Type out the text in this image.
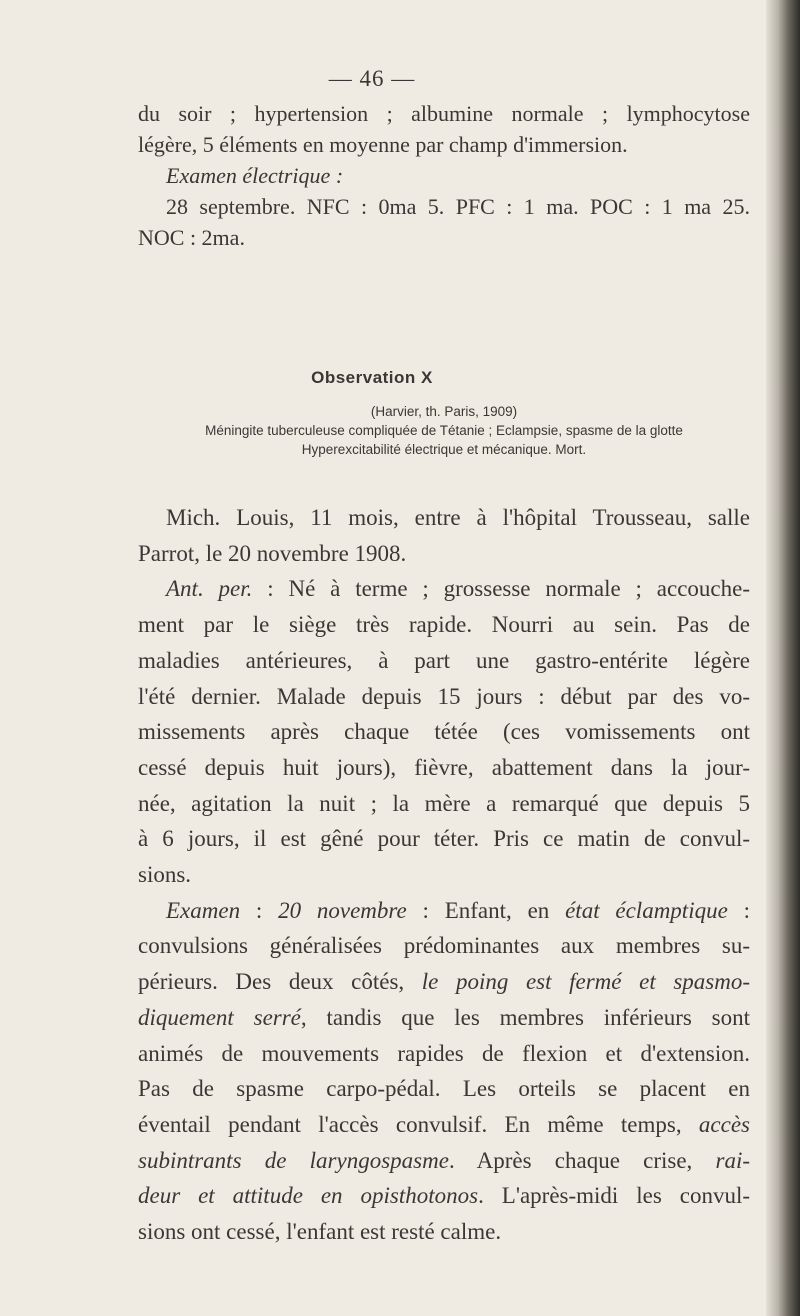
— 46 —
du soir ; hypertension ; albumine normale ; lymphocytose
légère, 5 éléments en moyenne par champ d'immersion.
Examen électrique :
28 septembre. NFC : 0ma 5. PFC : 1 ma. POC : 1 ma 25.
NOC : 2ma.
Observation X
(Harvier, th. Paris, 1909)
Méningite tuberculeuse compliquée de Tétanie ; Eclampsie, spasme de la glotte
Hyperexcitabilité électrique et mécanique. Mort.
Mich. Louis, 11 mois, entre à l'hôpital Trousseau, salle
Parrot, le 20 novembre 1908.
Ant. per. : Né à terme ; grossesse normale ; accouche-
ment par le siège très rapide. Nourri au sein. Pas de
maladies antérieures, à part une gastro-entérite légère
l'été dernier. Malade depuis 15 jours : début par des vo-
missements après chaque tétée (ces vomissements ont
cessé depuis huit jours), fièvre, abattement dans la jour-
née, agitation la nuit ; la mère a remarqué que depuis 5
à 6 jours, il est gêné pour téter. Pris ce matin de convul-
sions.
Examen : 20 novembre : Enfant, en état éclamptique :
convulsions généralisées prédominantes aux membres su-
périeurs. Des deux côtés, le poing est fermé et spasmo-
diquement serré, tandis que les membres inférieurs sont
animés de mouvements rapides de flexion et d'extension.
Pas de spasme carpo-pédal. Les orteils se placent en
éventail pendant l'accès convulsif. En même temps, accès
subintrants de laryngospasme. Après chaque crise, rai-
deur et attitude en opisthotonos. L'après-midi les convul-
sions ont cessé, l'enfant est resté calme.
